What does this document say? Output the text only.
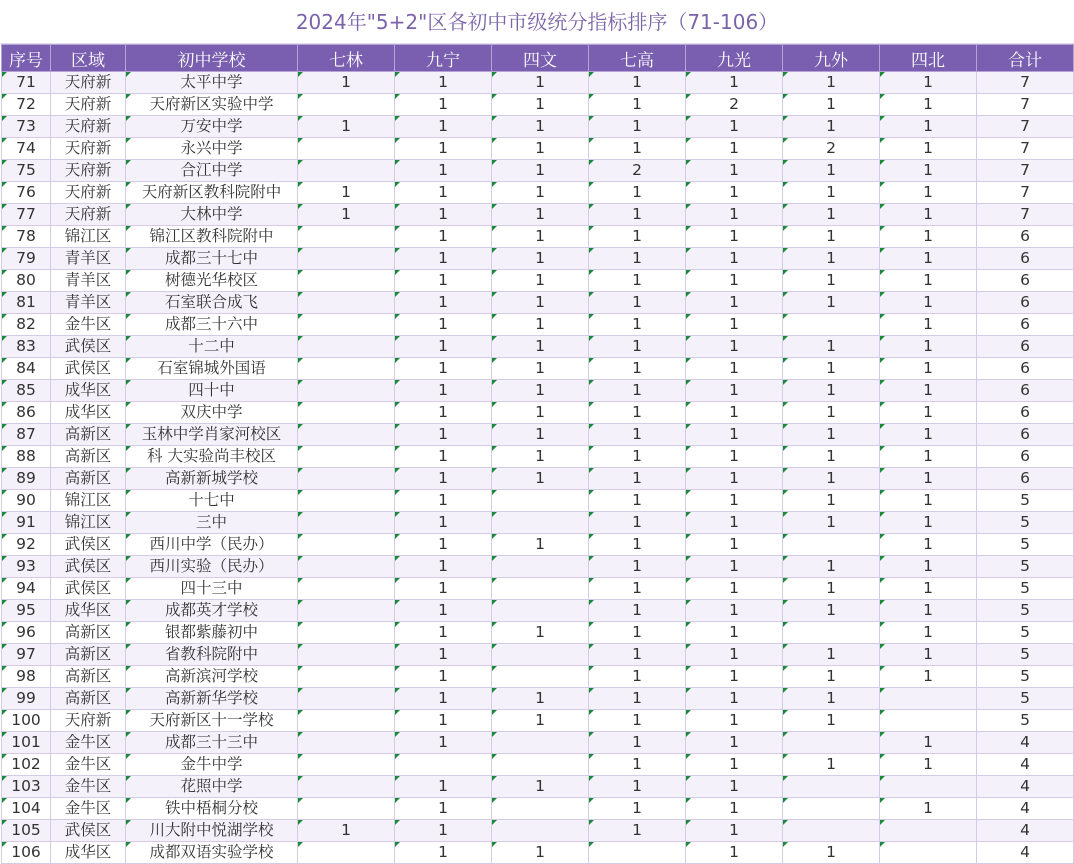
2024年"5+2"区各初中市级统分指标排序（71-106）
序号	区域	初中学校	七林	九宁	四文	七高	九光	九外	四北	合计
71	天府新	太平中学	1	1	1	1	1	1	1	7
72	天府新	天府新区实验中学		1	1	1	2	1	1	7
73	天府新	万安中学	1	1	1	1	1	1	1	7
74	天府新	永兴中学		1	1	1	1	2	1	7
75	天府新	合江中学		1	1	2	1	1	1	7
76	天府新	天府新区教科院附中	1	1	1	1	1	1	1	7
77	天府新	大林中学	1	1	1	1	1	1	1	7
78	锦江区	锦江区教科院附中		1	1	1	1	1	1	6
79	青羊区	成都三十七中		1	1	1	1	1	1	6
80	青羊区	树德光华校区		1	1	1	1	1	1	6
81	青羊区	石室联合成飞		1	1	1	1	1	1	6
82	金牛区	成都三十六中		1	1	1	1		1	6
83	武侯区	十二中		1	1	1	1	1	1	6
84	武侯区	石室锦城外国语		1	1	1	1	1	1	6
85	成华区	四十中		1	1	1	1	1	1	6
86	成华区	双庆中学		1	1	1	1	1	1	6
87	高新区	玉林中学肖家河校区		1	1	1	1	1	1	6
88	高新区	科 大实验尚丰校区		1	1	1	1	1	1	6
89	高新区	高新新城学校		1	1	1	1	1	1	6
90	锦江区	十七中		1		1	1	1	1	5
91	锦江区	三中		1		1	1	1	1	5
92	武侯区	西川中学（民办）		1	1	1	1		1	5
93	武侯区	西川实验（民办）		1		1	1	1	1	5
94	武侯区	四十三中		1		1	1	1	1	5
95	成华区	成都英才学校		1		1	1	1	1	5
96	高新区	银都紫藤初中		1	1	1	1		1	5
97	高新区	省教科院附中		1		1	1	1	1	5
98	高新区	高新滨河学校		1		1	1	1	1	5
99	高新区	高新新华学校		1	1	1	1	1		5
100	天府新	天府新区十一学校		1	1	1	1	1		5
101	金牛区	成都三十三中		1		1	1		1	4
102	金牛区	金牛中学				1	1	1	1	4
103	金牛区	花照中学		1	1	1	1			4
104	金牛区	铁中梧桐分校		1		1	1		1	4
105	武侯区	川大附中悦湖学校	1	1		1	1			4
106	成华区	成都双语实验学校		1	1		1	1		4
